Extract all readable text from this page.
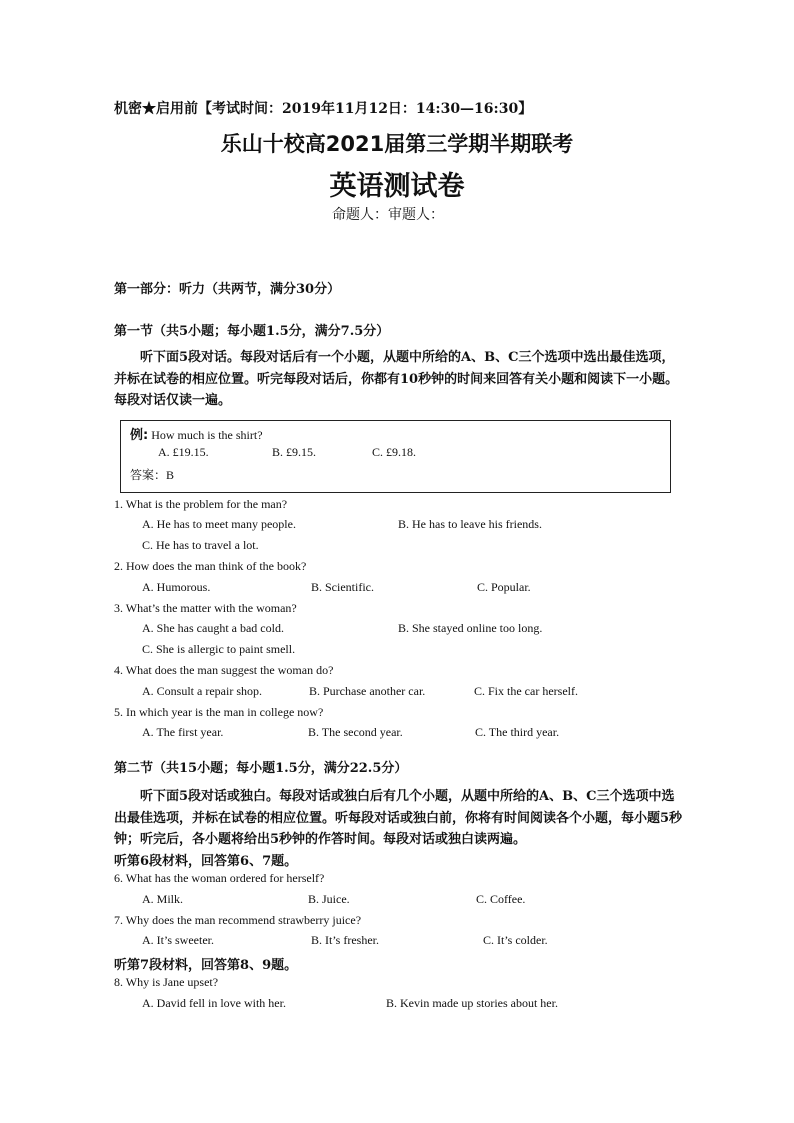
机密★启用前【考试时间：2019年11月12日：14:30—16:30】
乐山十校高2021届第三学期半期联考
英语测试卷
命题人：审题人：
第一部分：听力（共两节，满分30分）
第一节（共5小题；每小题1.5分，满分7.5分）
听下面5段对话。每段对话后有一个小题，从题中所给的A、B、C三个选项中选出最佳选项，并标在试卷的相应位置。听完每段对话后，你都有10秒钟的时间来回答有关小题和阅读下一小题。每段对话仅读一遍。
例: How much is the shirt?
A. £19.15.	B. £9.15.	C. £9.18.
答案：B
1. What is the problem for the man?
A. He has to meet many people.	B. He has to leave his friends.
C. He has to travel a lot.
2. How does the man think of the book?
A. Humorous.	B. Scientific.	C. Popular.
3. What’s the matter with the woman?
A. She has caught a bad cold.	B. She stayed online too long.
C. She is allergic to paint smell.
4. What does the man suggest the woman do?
A. Consult a repair shop.	B. Purchase another car.	C. Fix the car herself.
5. In which year is the man in college now?
A. The first year.	B. The second year.	C. The third year.
第二节（共15小题；每小题1.5分，满分22.5分）
听下面5段对话或独白。每段对话或独白后有几个小题，从题中所给的A、B、C三个选项中选出最佳选项，并标在试卷的相应位置。听每段对话或独白前，你将有时间阅读各个小题，每小题5秒钟；听完后，各小题将给出5秒钟的作答时间。每段对话或独白读两遍。
听第6段材料，回答第6、7题。
6. What has the woman ordered for herself?
A. Milk.	B. Juice.	C. Coffee.
7. Why does the man recommend strawberry juice?
A. It’s sweeter.	B. It’s fresher.	C. It’s colder.
听第7段材料，回答第8、9题。
8. Why is Jane upset?
A. David fell in love with her.	B. Kevin made up stories about her.
